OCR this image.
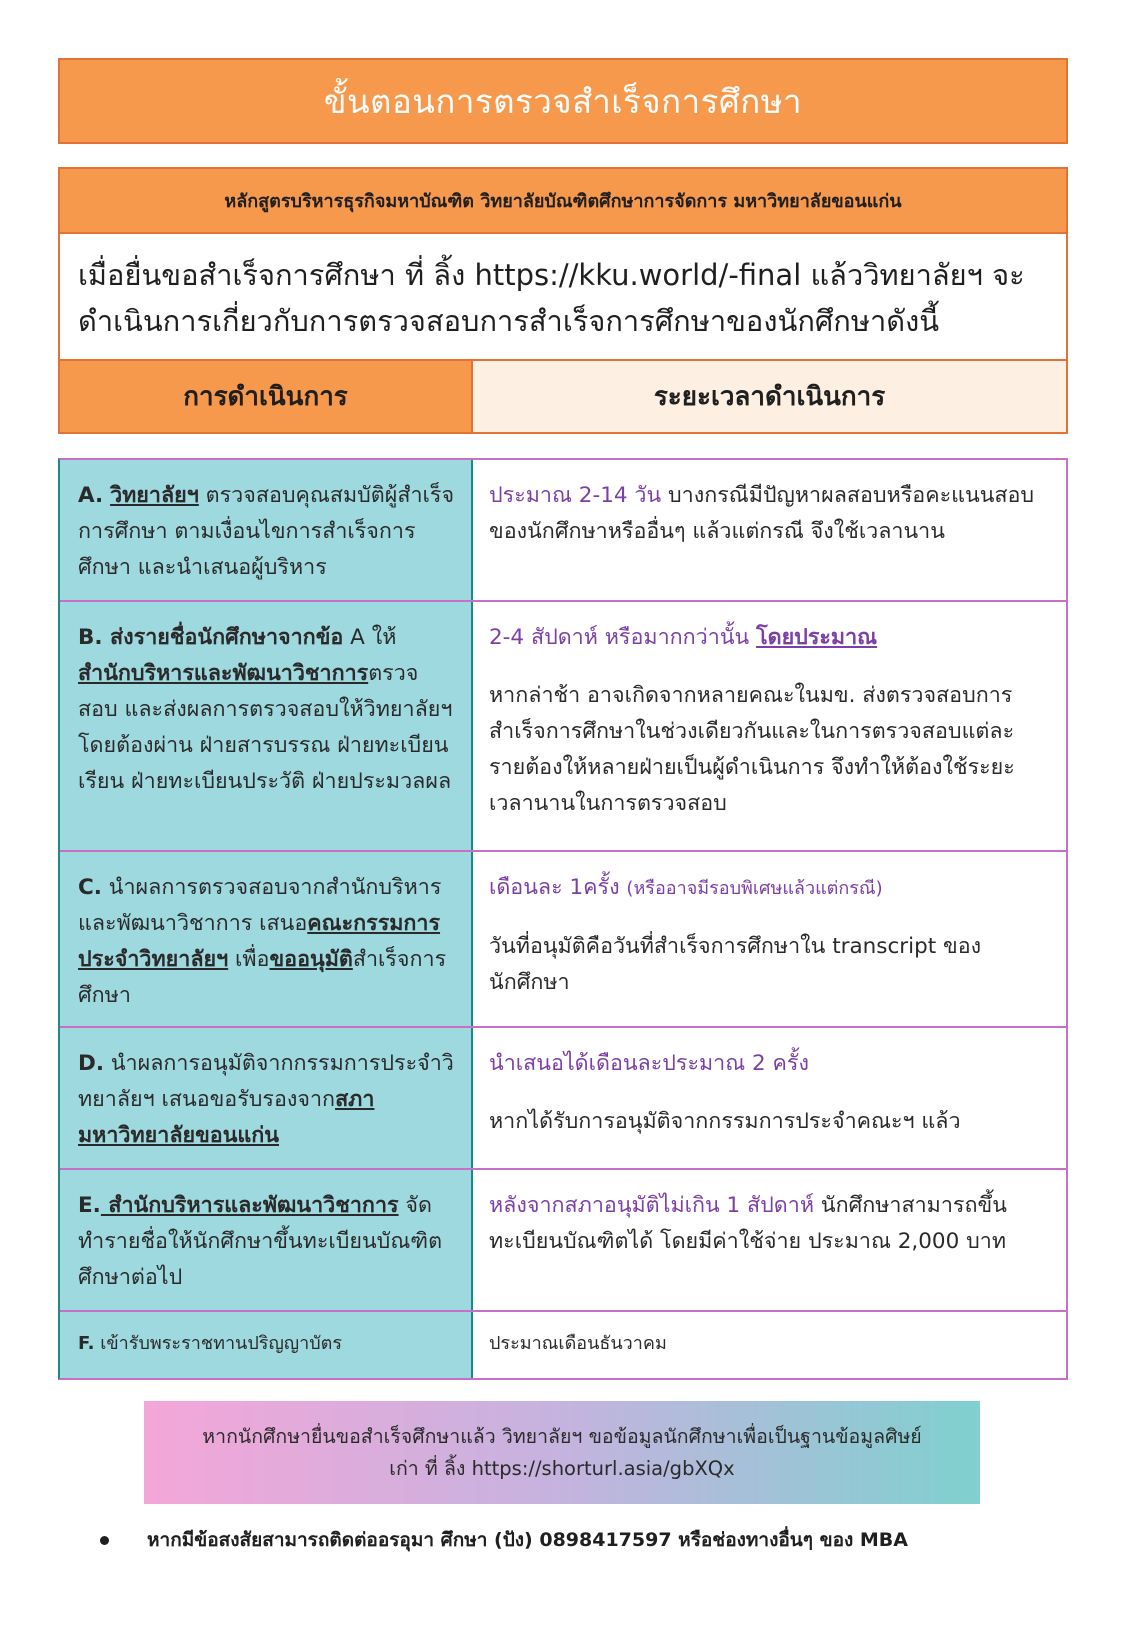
ขั้นตอนการตรวจสำเร็จการศึกษา
หลักสูตรบริหารธุรกิจมหาบัณฑิต วิทยาลัยบัณฑิตศึกษาการจัดการ มหาวิทยาลัยขอนแก่น
เมื่อยื่นขอสำเร็จการศึกษา ที่ ลิ้ง https://kku.world/-final แล้ววิทยาลัยฯ จะ
ดำเนินการเกี่ยวกับการตรวจสอบการสำเร็จการศึกษาของนักศึกษาดังนี้
การดำเนินการ	ระยะเวลาดำเนินการ
A. วิทยาลัยฯ ตรวจสอบคุณสมบัติผู้สำเร็จการศึกษา ตามเงื่อนไขการสำเร็จการศึกษา และนำเสนอผู้บริหาร
ประมาณ 2-14 วัน บางกรณีมีปัญหาผลสอบหรือคะแนนสอบของนักศึกษาหรืออื่นๆ แล้วแต่กรณี จึงใช้เวลานาน
B. ส่งรายชื่อนักศึกษาจากข้อ A ให้ สำนักบริหารและพัฒนาวิชาการตรวจสอบ และส่งผลการตรวจสอบให้วิทยาลัยฯ โดยต้องผ่าน ฝ่ายสารบรรณ ฝ่ายทะเบียนเรียน ฝ่ายทะเบียนประวัติ ฝ่ายประมวลผล
2-4 สัปดาห์ หรือมากกว่านั้น โดยประมาณ
หากล่าช้า อาจเกิดจากหลายคณะในมข. ส่งตรวจสอบการสำเร็จการศึกษาในช่วงเดียวกันและในการตรวจสอบแต่ละรายต้องให้หลายฝ่ายเป็นผู้ดำเนินการ จึงทำให้ต้องใช้ระยะเวลานานในการตรวจสอบ
C. นำผลการตรวจสอบจากสำนักบริหารและพัฒนาวิชาการ เสนอคณะกรรมการประจำวิทยาลัยฯ เพื่อขออนุมัติสำเร็จการศึกษา
เดือนละ 1ครั้ง (หรืออาจมีรอบพิเศษแล้วแต่กรณี)
วันที่อนุมัติคือวันที่สำเร็จการศึกษาใน transcript ของนักศึกษา
D. นำผลการอนุมัติจากกรรมการประจำวิทยาลัยฯ เสนอขอรับรองจากสภามหาวิทยาลัยขอนแก่น
นำเสนอได้เดือนละประมาณ 2 ครั้ง
หากได้รับการอนุมัติจากกรรมการประจำคณะฯ แล้ว
E. สำนักบริหารและพัฒนาวิชาการ จัดทำรายชื่อให้นักศึกษาขึ้นทะเบียนบัณฑิตศึกษาต่อไป
หลังจากสภาอนุมัติไม่เกิน 1 สัปดาห์ นักศึกษาสามารถขึ้นทะเบียนบัณฑิตได้ โดยมีค่าใช้จ่าย ประมาณ 2,000 บาท
F. เข้ารับพระราชทานปริญญาบัตร	ประมาณเดือนธันวาคม
หากนักศึกษายื่นขอสำเร็จศึกษาแล้ว วิทยาลัยฯ ขอข้อมูลนักศึกษาเพื่อเป็นฐานข้อมูลศิษย์
เก่า ที่ ลิ้ง https://shorturl.asia/gbXQx
หากมีข้อสงสัยสามารถติดต่ออรอุมา ศึกษา (ปัง) 0898417597 หรือช่องทางอื่นๆ ของ MBA
